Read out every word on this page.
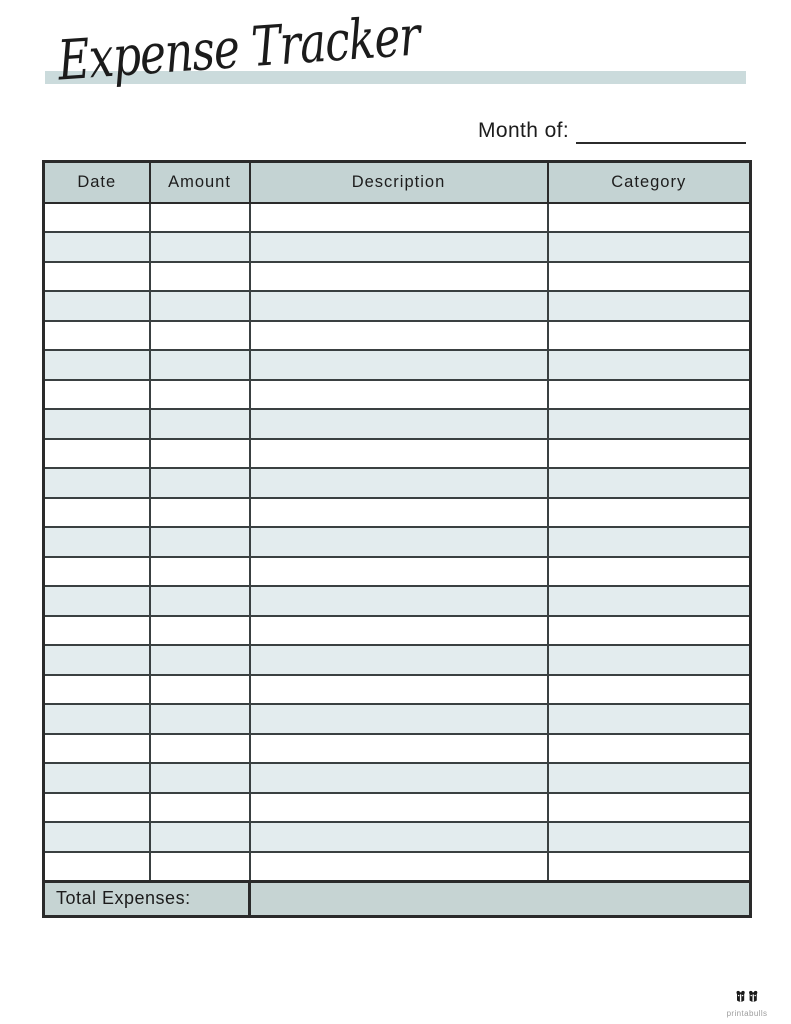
Expense Tracker
Month of:
Date	Amount	Description	Category

Total Expenses:			
printabulls
